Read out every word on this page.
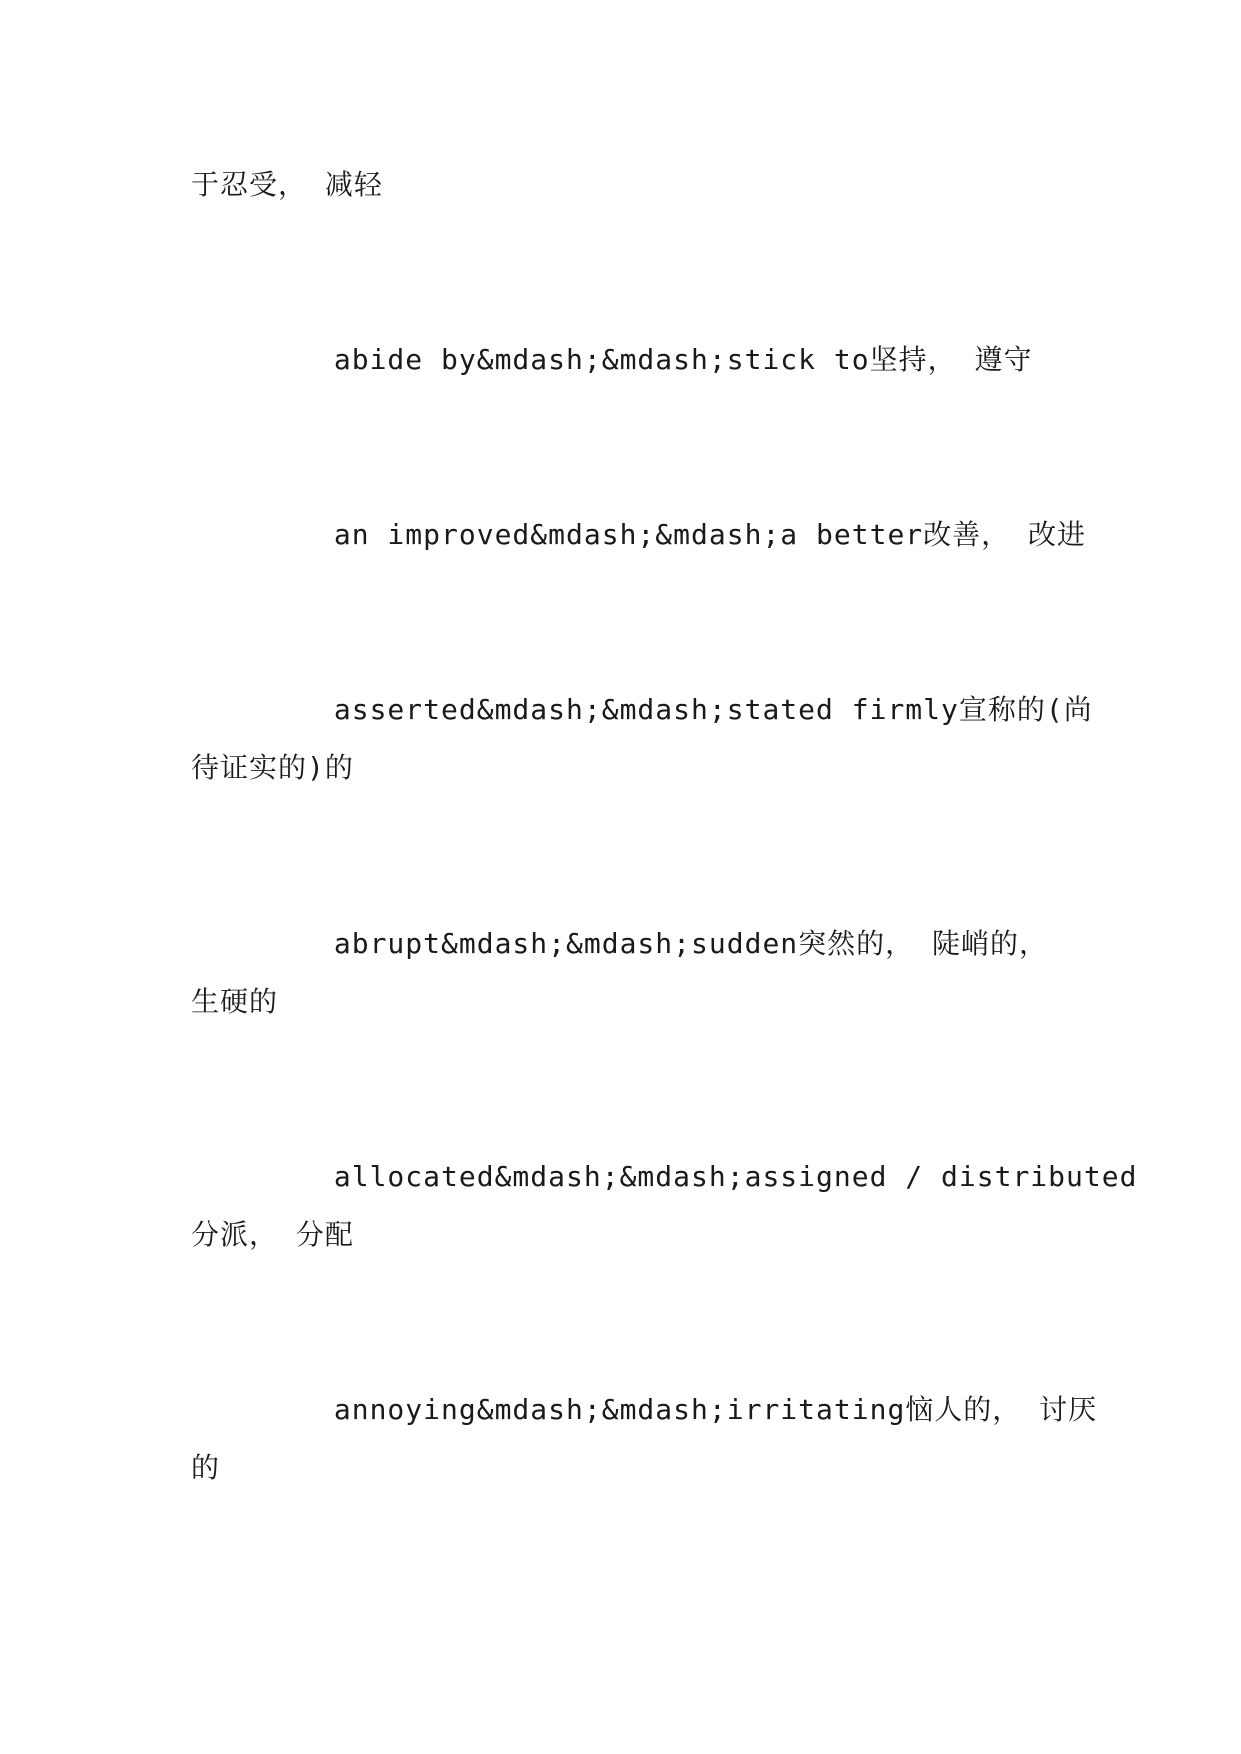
于忍受， 减轻
abide by&mdash;&mdash;stick to坚持， 遵守
an improved&mdash;&mdash;a better改善， 改进
asserted&mdash;&mdash;stated firmly宣称的(尚
待证实的)的
abrupt&mdash;&mdash;sudden突然的， 陡峭的，
生硬的
allocated&mdash;&mdash;assigned / distributed
分派， 分配
annoying&mdash;&mdash;irritating恼人的， 讨厌
的
